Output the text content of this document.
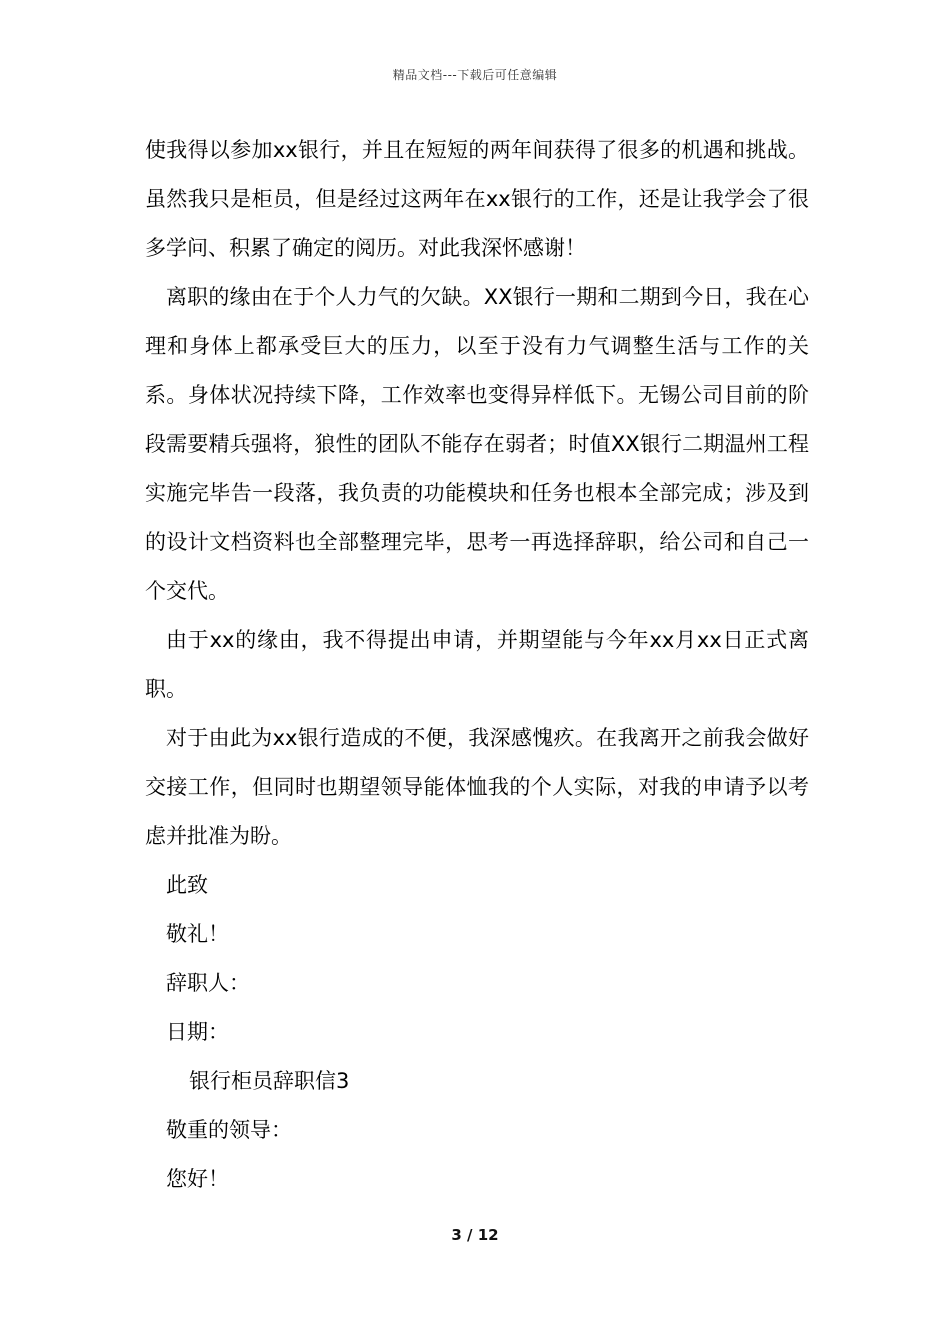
精品文档---下载后可任意编辑

使我得以参加xx银行，并且在短短的两年间获得了很多的机遇和挑战。虽然我只是柜员，但是经过这两年在xx银行的工作，还是让我学会了很多学问、积累了确定的阅历。对此我深怀感谢！

离职的缘由在于个人力气的欠缺。XX银行一期和二期到今日，我在心理和身体上都承受巨大的压力，以至于没有力气调整生活与工作的关系。身体状况持续下降，工作效率也变得异样低下。无锡公司目前的阶段需要精兵强将，狼性的团队不能存在弱者；时值XX银行二期温州工程实施完毕告一段落，我负责的功能模块和任务也根本全部完成；涉及到的设计文档资料也全部整理完毕，思考一再选择辞职，给公司和自己一个交代。

由于xx的缘由，我不得提出申请，并期望能与今年xx月xx日正式离职。

对于由此为xx银行造成的不便，我深感愧疚。在我离开之前我会做好交接工作，但同时也期望领导能体恤我的个人实际，对我的申请予以考虑并批准为盼。

此致

敬礼！

辞职人：

日期：

银行柜员辞职信3

敬重的领导：

您好！

3 / 12
